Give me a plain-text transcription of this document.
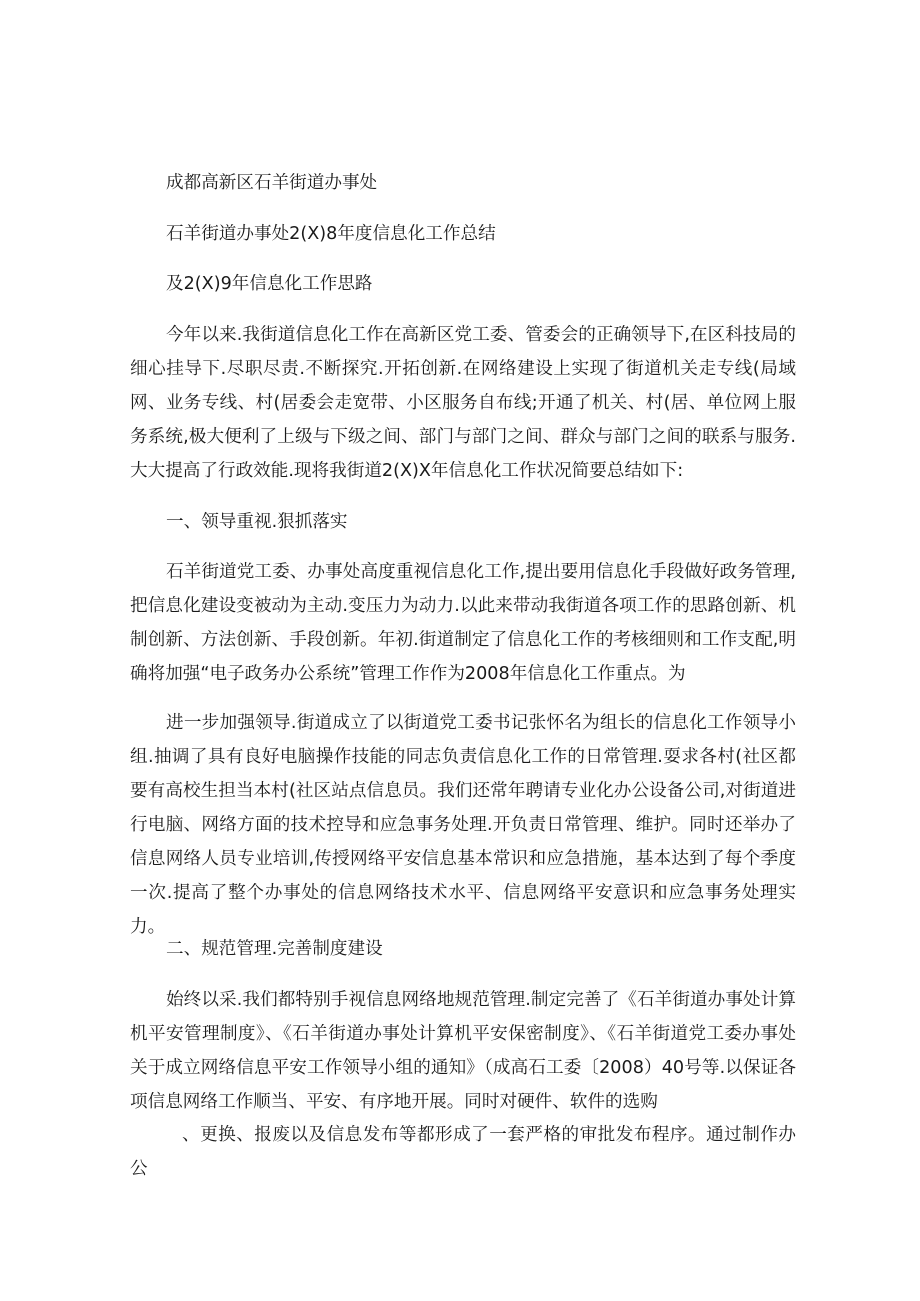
成都高新区石羊街道办事处
石羊街道办事处2(X)8年度信息化工作总结
及2(X)9年信息化工作思路

今年以来.我街道信息化工作在高新区党工委、管委会的正确领导下,在区科技局的细心挂导下.尽职尽责.不断探究.开拓创新.在网络建设上实现了街道机关走专线(局域网、业务专线、村(居委会走宽带、小区服务自布线;开通了机关、村(居、单位网上服务系统,极大便利了上级与下级之间、部门与部门之间、群众与部门之间的联系与服务.大大提高了行政效能.现将我街道2(X)X年信息化工作状况简要总结如下:

一、领导重视.狠抓落实

石羊街道党工委、办事处高度重视信息化工作,提出要用信息化手段做好政务管理,把信息化建设变被动为主动.变压力为动力.以此来带动我街道各项工作的思路创新、机制创新、方法创新、手段创新。年初.街道制定了信息化工作的考核细则和工作支配,明确将加强“电子政务办公系统”管理工作作为2008年信息化工作重点。为

进一步加强领导.街道成立了以街道党工委书记张怀名为组长的信息化工作领导小组.抽调了具有良好电脑操作技能的同志负责信息化工作的日常管理.耍求各村(社区都要有高校生担当本村(社区站点信息员。我们还常年聘请专业化办公设备公司,对街道进行电脑、网络方面的技术控导和应急事务处理.开负责日常管理、维护。同时还举办了信息网络人员专业培训,传授网络平安信息基本常识和应急措施，基本达到了每个季度一次.提高了整个办事处的信息网络技术水平、信息网络平安意识和应急事务处理实力。

二、规范管理.完善制度建设

始终以采.我们都特别手视信息网络地规范管理.制定完善了《石羊街道办事处计算机平安管理制度》、《石羊街道办事处计算机平安保密制度》、《石羊街道党工委办事处关于成立网络信息平安工作领导小组的通知》（成高石工委〔2008）40号等.以保证各项信息网络工作顺当、平安、有序地开展。同时对硬件、软件的选购

、更换、报废以及信息发布等都形成了一套严格的审批发布程序。通过制作办公
